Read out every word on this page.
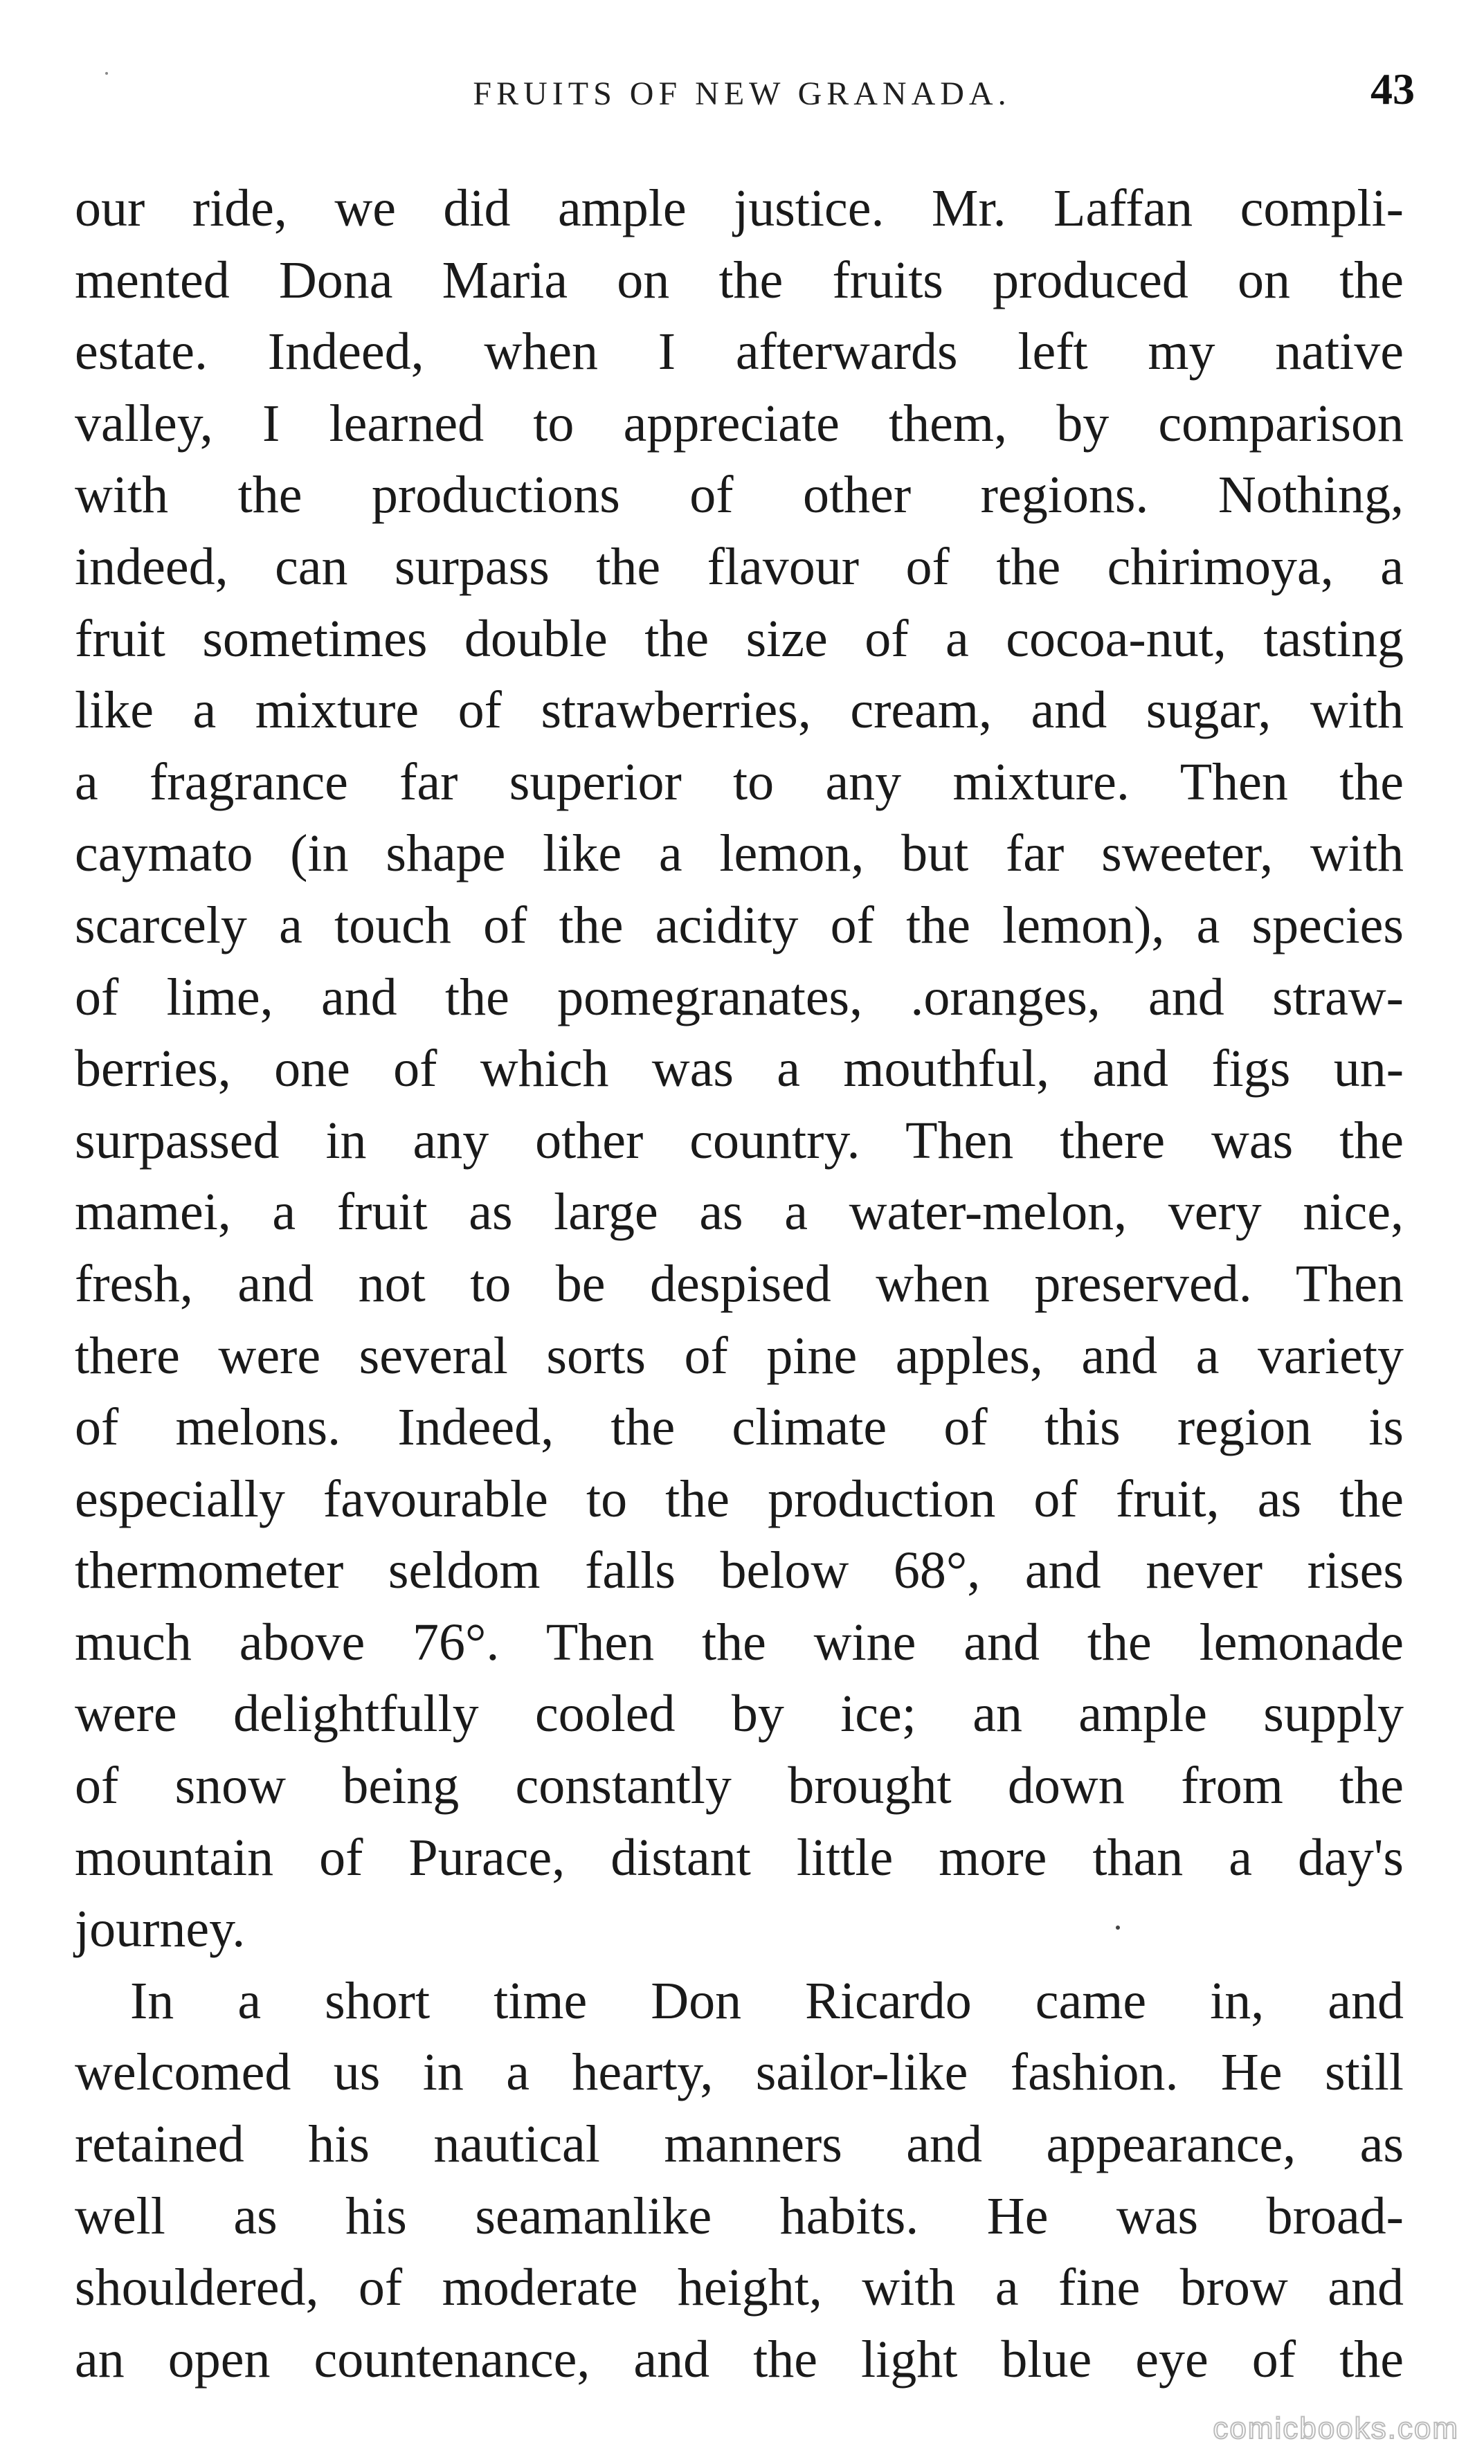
FRUITS OF NEW GRANADA.	43
our ride, we did ample justice. Mr. Laffan compli-
mented Dona Maria on the fruits produced on the
estate. Indeed, when I afterwards left my native
valley, I learned to appreciate them, by comparison
with the productions of other regions. Nothing,
indeed, can surpass the flavour of the chirimoya, a
fruit sometimes double the size of a cocoa-nut, tasting
like a mixture of strawberries, cream, and sugar, with
a fragrance far superior to any mixture. Then the
caymato (in shape like a lemon, but far sweeter, with
scarcely a touch of the acidity of the lemon), a species
of lime, and the pomegranates, .oranges, and straw-
berries, one of which was a mouthful, and figs un-
surpassed in any other country. Then there was the
mamei, a fruit as large as a water-melon, very nice,
fresh, and not to be despised when preserved. Then
there were several sorts of pine apples, and a variety
of melons. Indeed, the climate of this region is
especially favourable to the production of fruit, as the
thermometer seldom falls below 68°, and never rises
much above 76°. Then the wine and the lemonade
were delightfully cooled by ice; an ample supply
of snow being constantly brought down from the
mountain of Purace, distant little more than a day's
journey.
In a short time Don Ricardo came in, and
welcomed us in a hearty, sailor-like fashion. He still
retained his nautical manners and appearance, as
well as his seamanlike habits. He was broad-
shouldered, of moderate height, with a fine brow and
an open countenance, and the light blue eye of the
comicbooks.com
